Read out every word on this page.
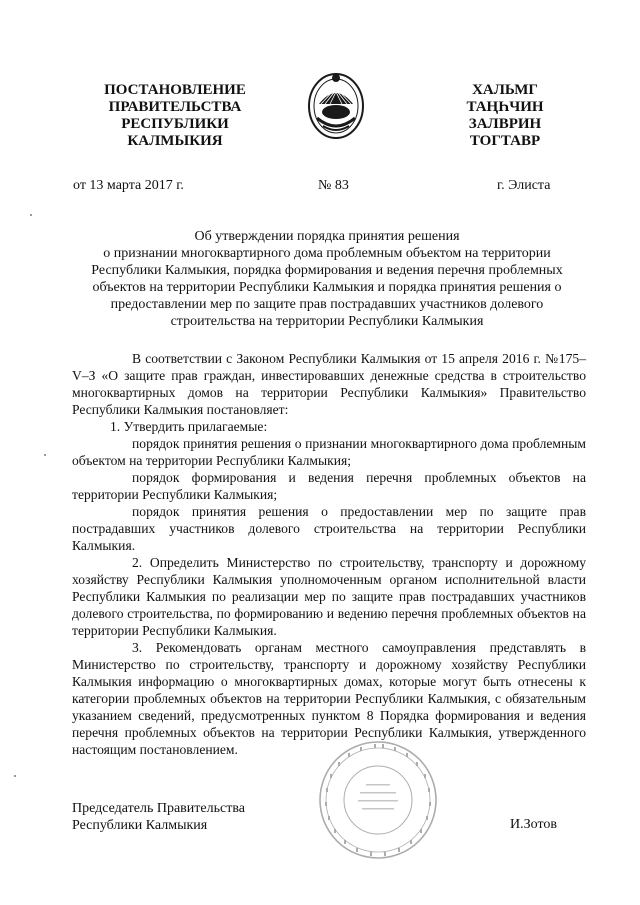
ПОСТАНОВЛЕНИЕ
ПРАВИТЕЛЬСТВА
РЕСПУБЛИКИ
КАЛМЫКИЯ
ХАЛЬМГ
ТАҢҺЧИН
ЗАЛВРИН
ТОГТАВР
от 13 марта 2017 г.	№ 83	г. Элиста
Об утверждении порядка принятия решения
о признании многоквартирного дома проблемным объектом на территории
Республики Калмыкия, порядка формирования и ведения перечня проблемных
объектов на территории Республики Калмыкия и порядка принятия решения о
предоставлении мер по защите прав пострадавших участников долевого
строительства на территории Республики Калмыкия

В соответствии с Законом Республики Калмыкия от 15 апреля 2016 г. №175–V–З «О защите прав граждан, инвестировавших денежные средства в строительство многоквартирных домов на территории Республики Калмыкия» Правительство Республики Калмыкия постановляет:

1. Утвердить прилагаемые:

порядок принятия решения о признании многоквартирного дома проблемным объектом на территории Республики Калмыкия;

порядок формирования и ведения перечня проблемных объектов на территории Республики Калмыкия;

порядок принятия решения о предоставлении мер по защите прав пострадавших участников долевого строительства на территории Республики Калмыкия.

2. Определить Министерство по строительству, транспорту и дорожному хозяйству Республики Калмыкия уполномоченным органом исполнительной власти Республики Калмыкия по реализации мер по защите прав пострадавших участников долевого строительства, по формированию и ведению перечня проблемных объектов на территории Республики Калмыкия.

3. Рекомендовать органам местного самоуправления представлять в Министерство по строительству, транспорту и дорожному хозяйству Республики Калмыкия информацию о многоквартирных домах, которые могут быть отнесены к категории проблемных объектов на территории Республики Калмыкия, с обязательным указанием сведений, предусмотренных пунктом 8 Порядка формирования и ведения перечня проблемных объектов на территории Республики Калмыкия, утвержденного настоящим постановлением.

Председатель Правительства
Республики Калмыкия	И.Зотов
